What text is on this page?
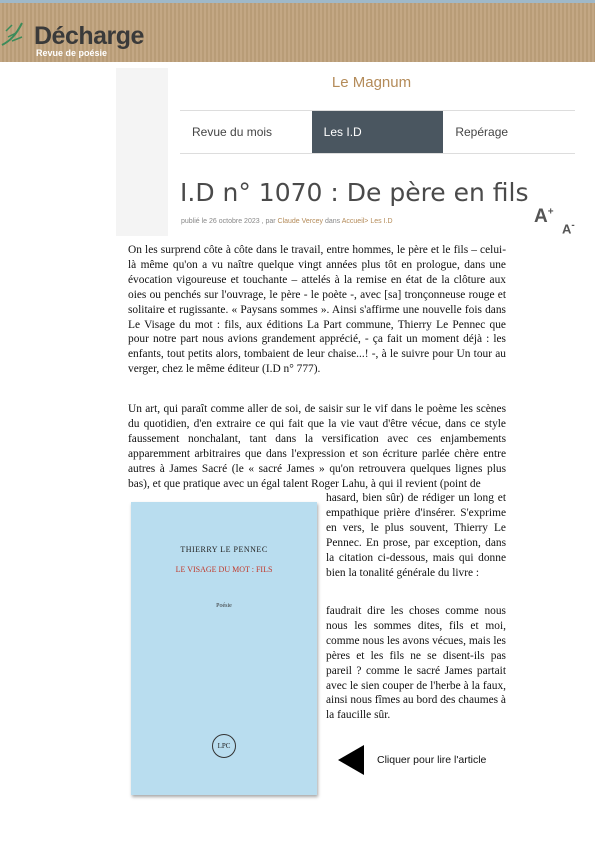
Décharge
Revue de poésie
Le Magnum
Revue du mois	Les I.D	Repérage
I.D n° 1070 : De père en fils
publié le 26 octobre 2023 , par Claude Vercey dans Accueil> Les I.D	A+
A-
On les surprend côte à côte dans le travail, entre hommes, le père et le fils – celui-là même qu'on a vu naître quelque vingt années plus tôt en prologue, dans une évocation vigoureuse et touchante – attelés à la remise en état de la clôture aux oies ou penchés sur l'ouvrage, le père - le poète -, avec [sa] tronçonneuse rouge et solitaire et rugissante. « Paysans sommes ». Ainsi s'affirme une nouvelle fois dans Le Visage du mot : fils, aux éditions La Part commune, Thierry Le Pennec que pour notre part nous avions grandement apprécié, - ça fait un moment déjà : les enfants, tout petits alors, tombaient de leur chaise...! -, à le suivre pour Un tour au verger, chez le même éditeur (I.D n° 777).
Un art, qui paraît comme aller de soi, de saisir sur le vif dans le poème les scènes du quotidien, d'en extraire ce qui fait que la vie vaut d'être vécue, dans ce style faussement nonchalant, tant dans la versification avec ces enjambements apparemment arbitraires que dans l'expression et son écriture parlée chère entre autres à James Sacré (le « sacré James » qu'on retrouvera quelques lignes plus bas), et que pratique avec un égal talent Roger Lahu, à qui il revient (point de
hasard, bien sûr) de rédiger un long et empathique prière d'insérer. S'exprime en vers, le plus souvent, Thierry Le Pennec. En prose, par exception, dans la citation ci-dessous, mais qui donne bien la tonalité générale du livre :
faudrait dire les choses comme nous nous les sommes dites, fils et moi, comme nous les avons vécues, mais les pères et les fils ne se disent-ils pas pareil ? comme le sacré James partait avec le sien couper de l'herbe à la faux, ainsi nous fîmes au bord des chaumes à la faucille sûr.
THIERRY LE PENNEC
LE VISAGE DU MOT : FILS
Poésie
LPC
Cliquer pour lire l'article
